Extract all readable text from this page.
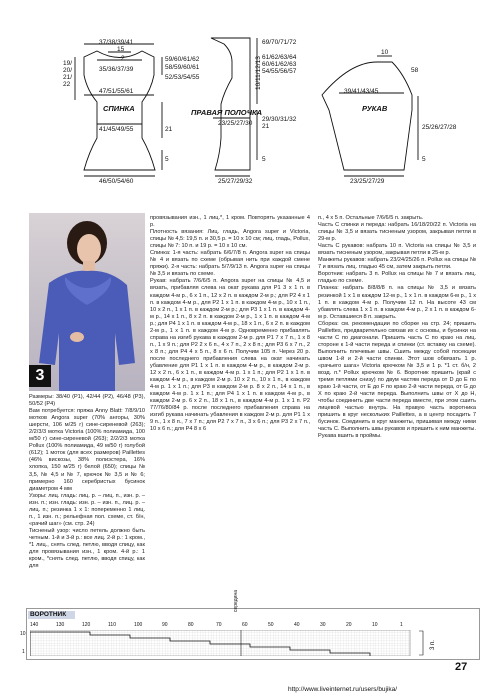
37/38/39/41
15
2
35/36/37/39
19/
20/
21/
22
59/60/61/62
58/59/60/61
52/53/54/55
47/51/55/61
СПИНКА
41/45/49/55	21
5
46/50/54/60
69/70/71/72
61/62/63/64
60/61/62/63
54/55/56/57
10/11/12/13
ПРАВАЯ ПОЛОЧКА
29/30/31/32
21
23/25/27/30
5
25/27/29/32
10
58
39/41/43/45
РУКАВ
25/26/27/28
5
23/25/27/29
3

Размеры: 38/40 (Р1), 42/44 (Р2), 46/48 (Р3), 50/52 (Р4)

Вам потребуется: пряжа Anny Blatt: 7/8/9/10 мотков Angora super (70% ангоры, 30% шерсти, 106 м/25 г) сине-сиреневой (263); 2/2/3/3 мотка Victoria (100% полиамида, 100 м/50 г) сине-сиреневой (263); 2/2/2/3 мотка Pollux (100% полиамида, 49 м/50 г) голубой (612); 1 моток (для всех размеров) Paillettes (46% вискозы, 38% полиэстера, 16% хлопка, 150 м/25 г) белой (650); спицы № 3,5, № 4,5 и № 7, крючок № 3,5 и № 6; примерно 160 серебристых бусинок диаметром 4 мм

Узоры: лиц. гладь: лиц. р. – лиц. п., изн. р. – изн. п.; изн. гладь: изн. р. – изн. п., лиц. р. – лиц. п.; резинка 1 х 1: попеременно 1 лиц. п., 1 изн. п.; рельефная пол. схеме, ст. б/н, «рачий шаг» (см. стр. 24)

Тисненый узор: число петель должно быть четным. 1-й и 3-й р.: все лиц. 2-й р.: 1 кром., *1 лиц., снять след. петлю, вводя спицу, как для провязывания изн., 1 кром. 4-й р.: 1 кром., *снять след. петлю, вводя спицу, как для

провязывания изн., 1 лиц.*, 1 кром. Повторять указанные 4 р.

Плотность вязания: Лиц. гладь, Angora super и Victoria, спицы № 4,5: 19,5 п. и 30,5 р. = 10 х 10 см; лиц. гладь, Pollux, спицы № 7: 10 п. и 19 р. = 10 х 10 см.

Спинка: 1-я часть: набрать 6/6/7/8 п. Angora super на спицы № 4 и вязать по схеме (обрывая нить при каждой смене пряжи). 2-я часть: набрать 5/7/9/13 п. Angora super на спицы № 3,5 и вязать по схеме.

Рукав: набрать 7/6/6/5 п. Angora super на спицы № 4,5 и вязать, прибавляя слева на окат рукава для Р1 3 х 1 п. в каждом 4-м р., 6 х 1 п., 12 х 2 п. в каждом 2-м р.; для Р2 4 х 1 п. в каждом 4-м р., для Р2 1 х 1 п. в каждом 4-м р., 10 х 1 п., 10 х 2 п., 1 х 1 п. в каждом 2-м р.; для Р3 1 х 1 п. в каждом 4-м р., 14 х 1 п., 8 х 2 п. в каждом 2-м р., 1 х 1 п. в каждом 4-м р.; для Р4 1 х 1 п. в каждом 4-м р., 18 х 1 п., 6 х 2 п. в каждом 2-м р., 1 х 1 п. в каждом 4-м р. Одновременно прибавлять справа на изгиб рукава в каждом 2-м р. для Р1 7 х 7 п., 1 х 8 п., 1 х 9 п.; для Р2 2 х 6 п., 4 х 7 п., 2 х 8 п.; для Р3 6 х 7 п., 2 х 8 п.; для Р4 4 х 5 п., 8 х 6 п. Получим 105 п. Через 20 р. после последнего прибавления слева на окат начинать убавление для Р1 1 х 1 п. в каждом 4-м р., в каждом 2-м р. 12 х 2 п., 6 х 1 п., в каждом 4-м р. 1 х 1 п.; для Р2 1 х 1 п. в каждом 4-м р., в каждом 2-м р. 10 х 2 п., 10 х 1 п., в каждом 4-м р. 1 х 1 п.; для Р3 в каждом 2-м р. 8 х 2 п., 14 х 1 п., в каждом 4-м р. 1 х 1 п.; для Р4 1 х 1 п. в каждом 4-м р., в каждом 2-м р. 6 х 2 п., 18 х 1 п., в каждом 4-м р. 1 х 1 п. Р2 77/76/80/84 р. после последнего прибавления справа на изгиб рукава начинать убавления в каждом 2-м р. для Р1 1 х 9 п., 1 х 8 п., 7 х 7 п.; для Р2 7 х 7 п., 3 х 6 п.; для Р3 2 х 7 п., 10 х 6 п.; для Р4 8 х 6

п., 4 х 5 п. Остальные 7/6/6/5 п. закрыть.

Часть С спинки и переда: набрать 16/18/20/22 п. Victoria на спицы № 3,5 и вязать тисненым узором, закрывая петли в 29-м р.

Часть С рукавов: набрать 10 п. Victoria на спицы № 3,5 и вязать тисненым узором, закрывая петли в 25-м р.

Манжеты рукавов: набрать 23/24/25/26 п. Pollux на спицы № 7 и вязать лиц. гладью 45 см, затем закрыть петли.

Воротник: набрать 3 п. Pollux на спицы № 7 и вязать лиц. гладью по схеме.

Планка: набрать 8/8/8/8 п. на спицы № 3,5 и вязать резинкой 1 х 1 в каждом 12-м р., 1 х 1 п. в каждом 6-м р., 1 х 1 п. в каждом 4-м р. Получим 12 п. На высоте 43 см убавлять слева 1 х 1 п. в каждом 4-м р., 2 х 1 п. в каждом 6-м р. Оставшиеся 8 п. закрыть.

Сборка: см. рекомендации по сборке на стр. 24; пришить Paillettes, предварительно связав их с основы, и бусинки на части С по диагонали. Пришить часть С по краю на лиц. стороне к 1-й части переда и спинки (ст. вставку на схеме). Выполнить плечевые швы. Сшить между собой посекции швом 1-й и 2-й части спинки. Этот шов обвязать 1 р. «рачьего шага» Victoria крючком № 3,5 и 1 р. *1 ст. б/н, 2 возд. п.* Pollux крючком № 6. Воротник пришить (край с тремя петлями снизу) по двум частям переда от D до E по краю 1-й части, от E до F по краю 2-й части переда, от G до X по краю 2-й части переда. Выполнить швы от X до H, чтобы соединить две части переда вместе, при этом сшить лицевой частью внутрь. На правую часть воротника пришить в круг нескольких Paillettes, а в центр посадить 7 бусинок. Соединить в круг манжеты, пришивая между ними часть С. Выполнить швы рукавов и пришить к ним манжеты. Рукава вшить в проймы.

ВОРОТНИК
140	130	120	110	100	90	80	70	60	50	40	30	20	10	1
середина
10
1
3 п.
27
http://www.liveinternet.ru/users/bujika/
